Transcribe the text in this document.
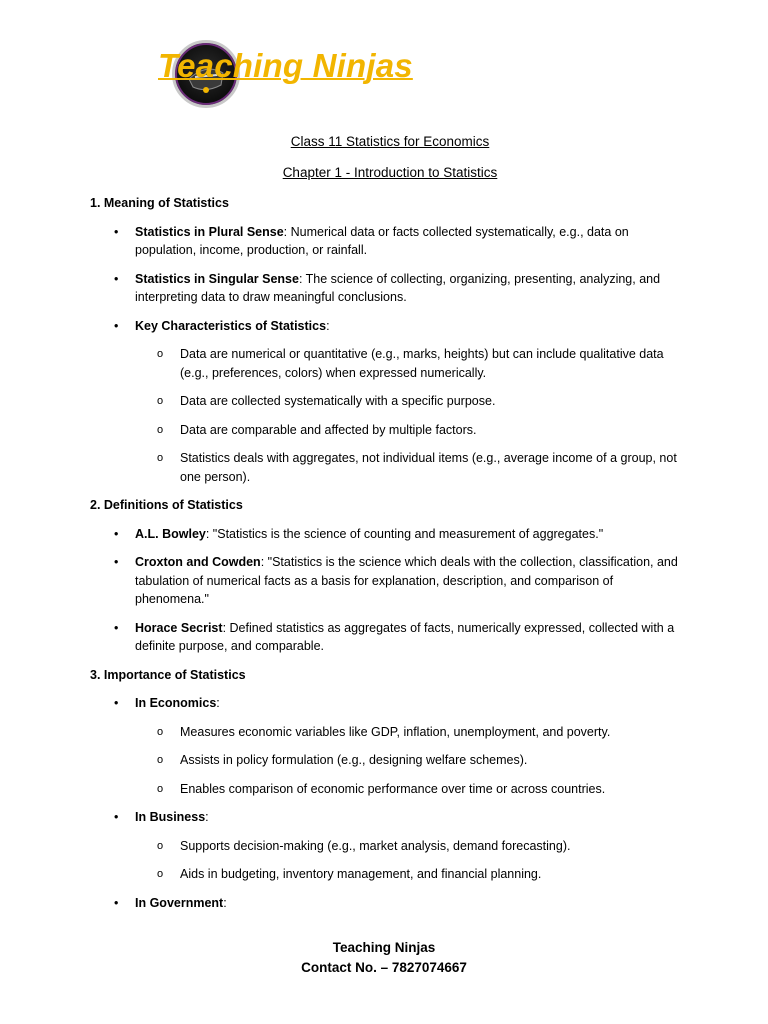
Teaching Ninjas
Class 11 Statistics for Economics
Chapter 1 - Introduction to Statistics
1. Meaning of Statistics
• Statistics in Plural Sense: Numerical data or facts collected systematically, e.g., data on population, income, production, or rainfall.
• Statistics in Singular Sense: The science of collecting, organizing, presenting, analyzing, and interpreting data to draw meaningful conclusions.
• Key Characteristics of Statistics:
o Data are numerical or quantitative (e.g., marks, heights) but can include qualitative data (e.g., preferences, colors) when expressed numerically.
o Data are collected systematically with a specific purpose.
o Data are comparable and affected by multiple factors.
o Statistics deals with aggregates, not individual items (e.g., average income of a group, not one person).
2. Definitions of Statistics
• A.L. Bowley: "Statistics is the science of counting and measurement of aggregates."
• Croxton and Cowden: "Statistics is the science which deals with the collection, classification, and tabulation of numerical facts as a basis for explanation, description, and comparison of phenomena."
• Horace Secrist: Defined statistics as aggregates of facts, numerically expressed, collected with a definite purpose, and comparable.
3. Importance of Statistics
• In Economics:
o Measures economic variables like GDP, inflation, unemployment, and poverty.
o Assists in policy formulation (e.g., designing welfare schemes).
o Enables comparison of economic performance over time or across countries.
• In Business:
o Supports decision-making (e.g., market analysis, demand forecasting).
o Aids in budgeting, inventory management, and financial planning.
• In Government:
Teaching Ninjas
Contact No. – 7827074667
